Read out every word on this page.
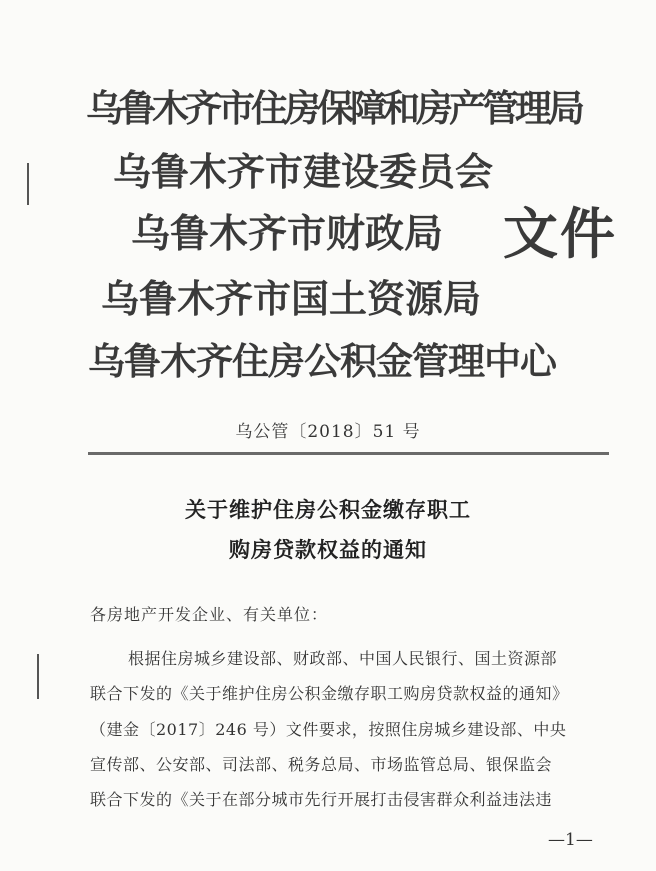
乌鲁木齐市住房保障和房产管理局
乌鲁木齐市建设委员会
乌鲁木齐市财政局
乌鲁木齐市国土资源局
乌鲁木齐住房公积金管理中心
文件
乌公管〔2018〕51 号
关于维护住房公积金缴存职工
购房贷款权益的通知
各房地产开发企业、有关单位：
根据住房城乡建设部、财政部、中国人民银行、国土资源部
联合下发的《关于维护住房公积金缴存职工购房贷款权益的通知》
（建金〔2017〕246 号）文件要求，按照住房城乡建设部、中央
宣传部、公安部、司法部、税务总局、市场监管总局、银保监会
联合下发的《关于在部分城市先行开展打击侵害群众利益违法违
—1—
